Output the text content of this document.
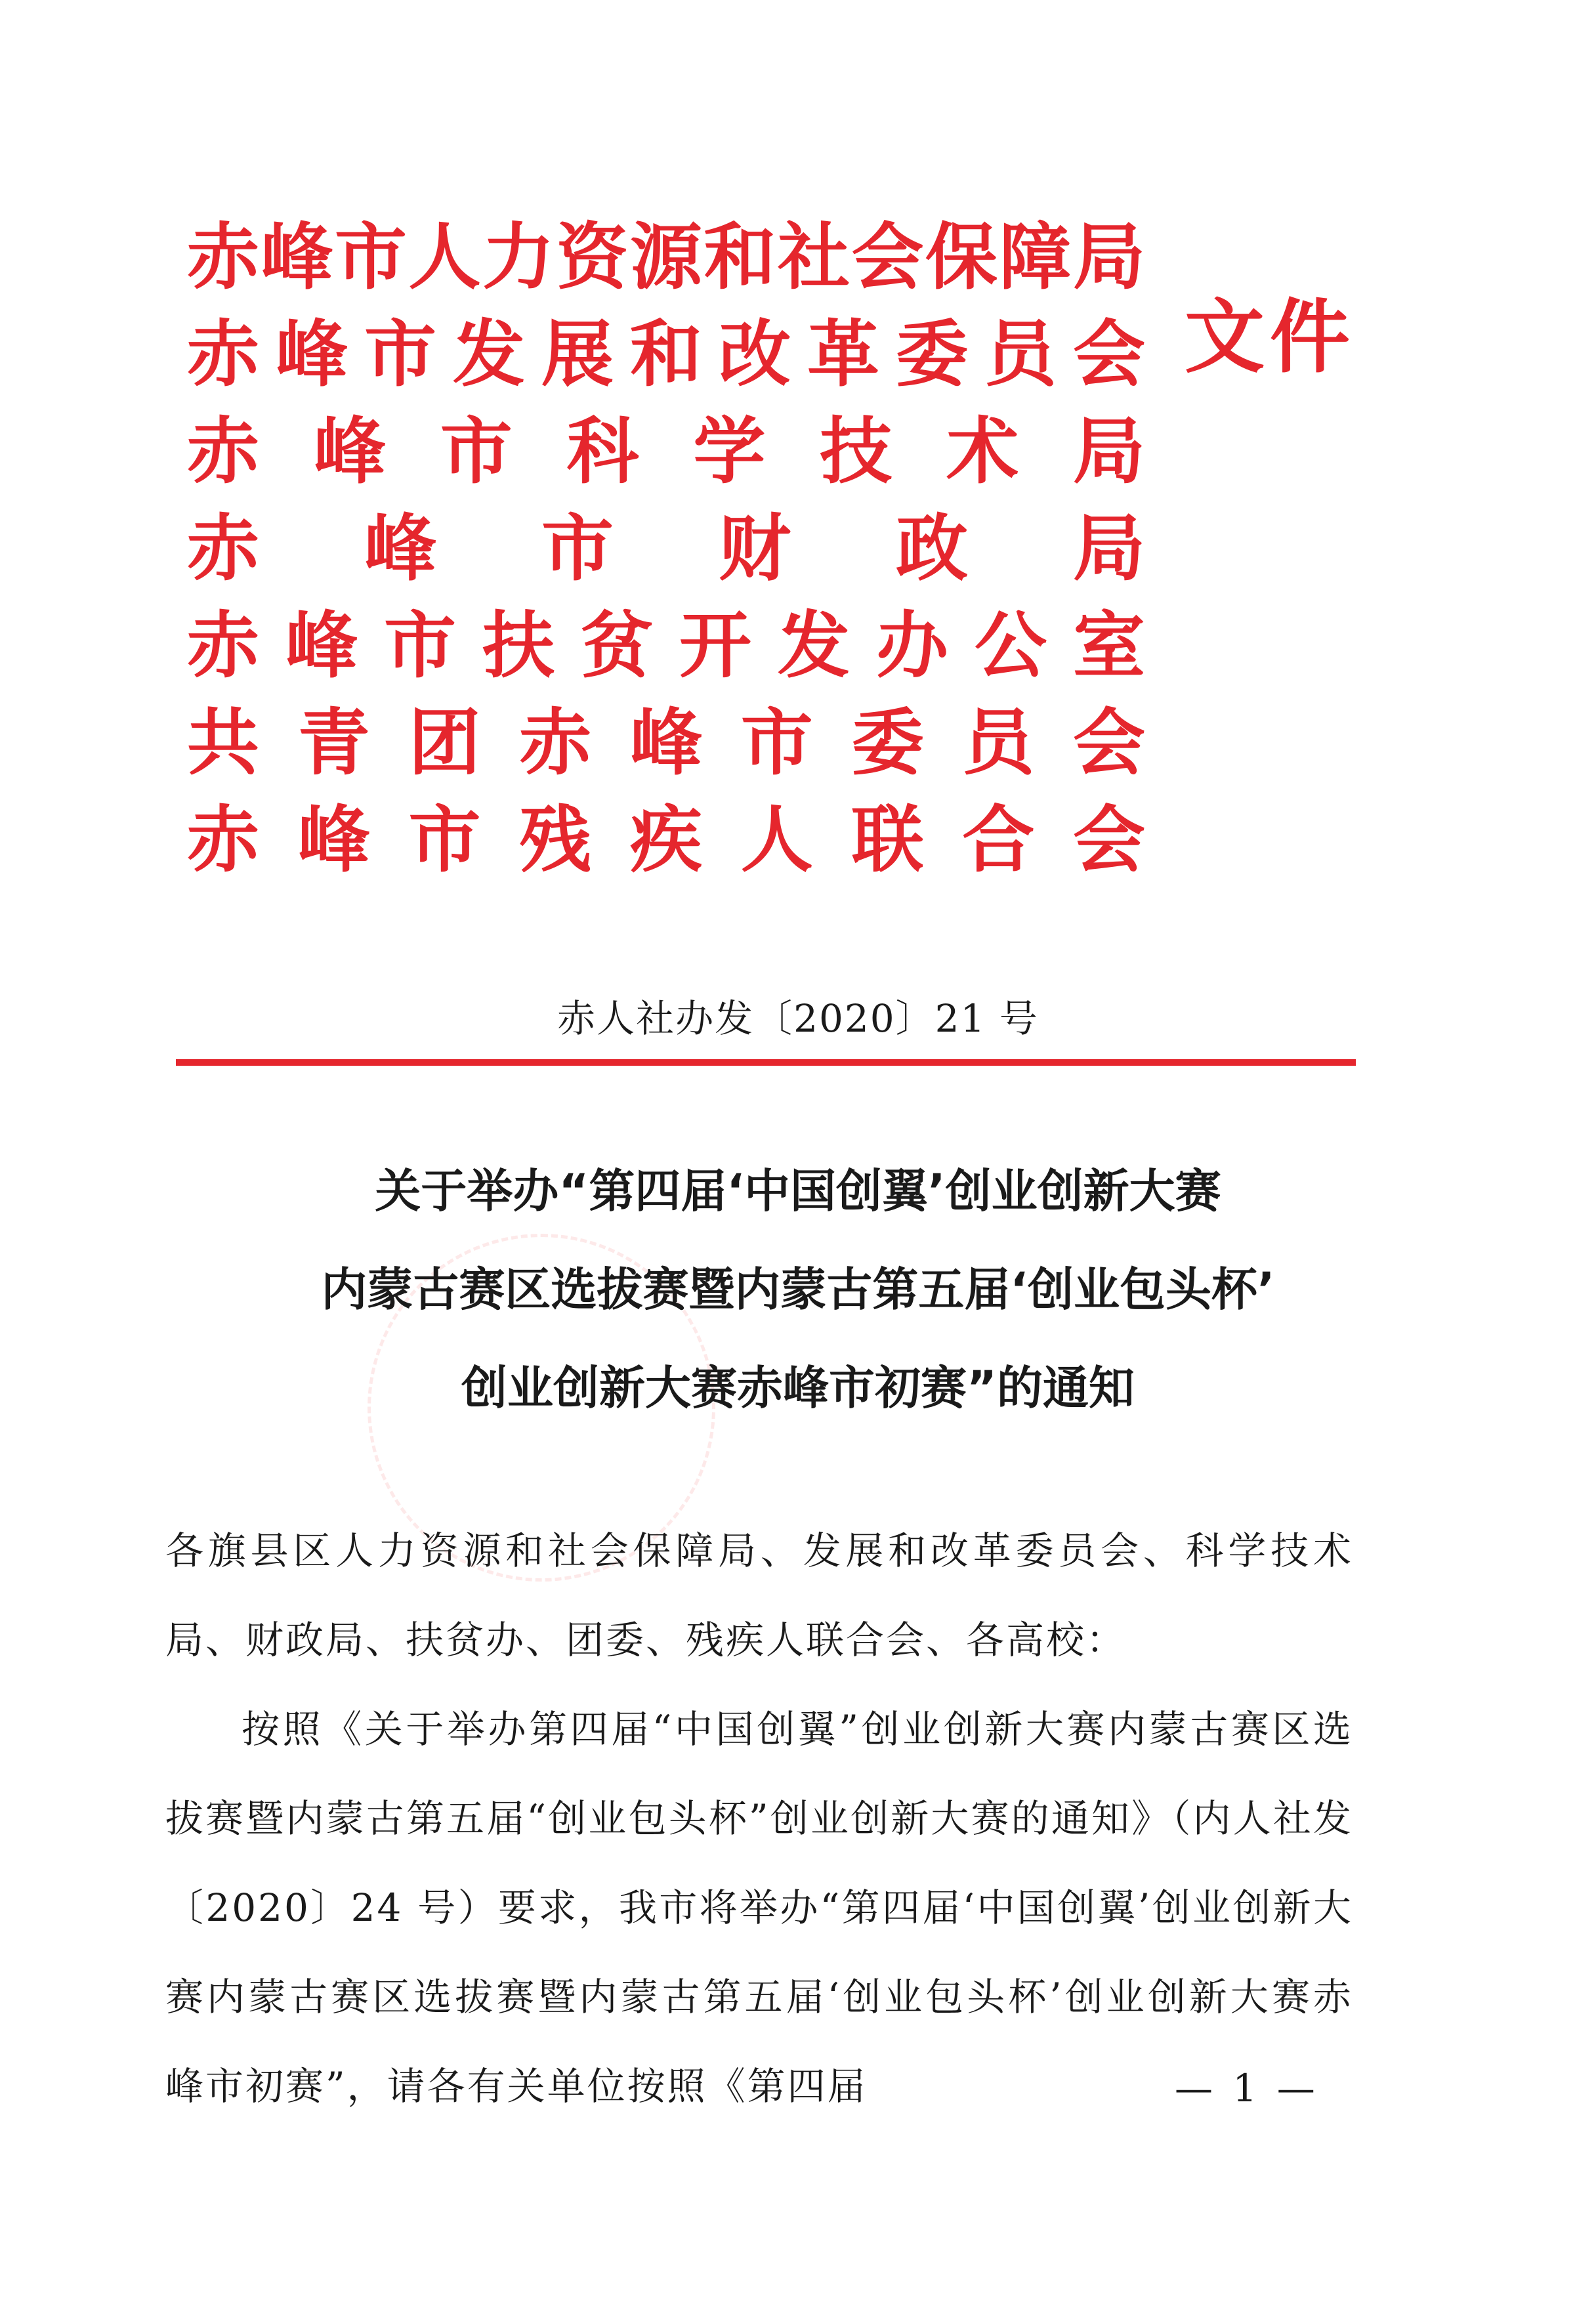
赤 峰 市 人 力 资 源 和 社 会 保 障 局
赤 峰 市 发 展 和 改 革 委 员 会
赤 峰 市 科 学 技 术 局
赤 峰 市 财 政 局
赤 峰 市 扶 贫 开 发 办 公 室
共 青 团 赤 峰 市 委 员 会
赤 峰 市 残 疾 人 联 合 会
文件
赤人社办发〔2020〕21 号
关于举办“第四届‘中国创翼’创业创新大赛
内蒙古赛区选拔赛暨内蒙古第五届‘创业包头杯’
创业创新大赛赤峰市初赛”的通知

各旗县区人力资源和社会保障局、发展和改革委员会、科学技术局、财政局、扶贫办、团委、残疾人联合会、各高校：

按照《关于举办第四届“中国创翼”创业创新大赛内蒙古赛区选拔赛暨内蒙古第五届“创业包头杯”创业创新大赛的通知》（内人社发〔2020〕24 号）要求，我市将举办“第四届‘中国创翼’创业创新大赛内蒙古赛区选拔赛暨内蒙古第五届‘创业包头杯’创业创新大赛赤峰市初赛”，请各有关单位按照《第四届	— 1 —
